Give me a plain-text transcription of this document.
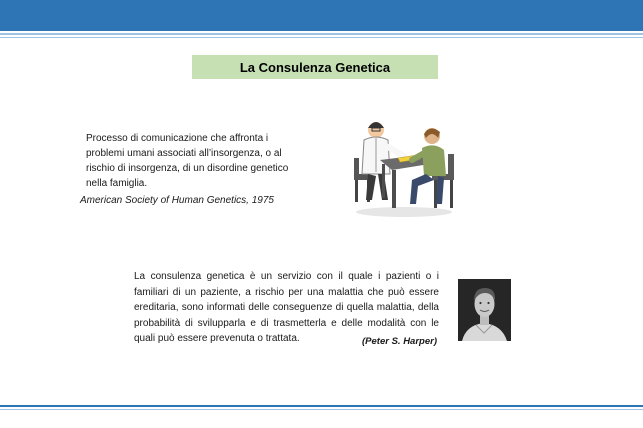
La Consulenza Genetica
Processo di comunicazione che affronta i problemi umani associati all’insorgenza, o al rischio di insorgenza, di un disordine genetico nella famiglia.
American Society of Human Genetics, 1975
La consulenza genetica è un servizio con il quale i pazienti o i familiari di un paziente, a rischio per una malattia che può essere ereditaria, sono informati delle conseguenze di quella malattia, della probabilità di svilupparla e di trasmetterla e delle modalità con le quali può essere prevenuta o trattata.	(Peter S. Harper)
